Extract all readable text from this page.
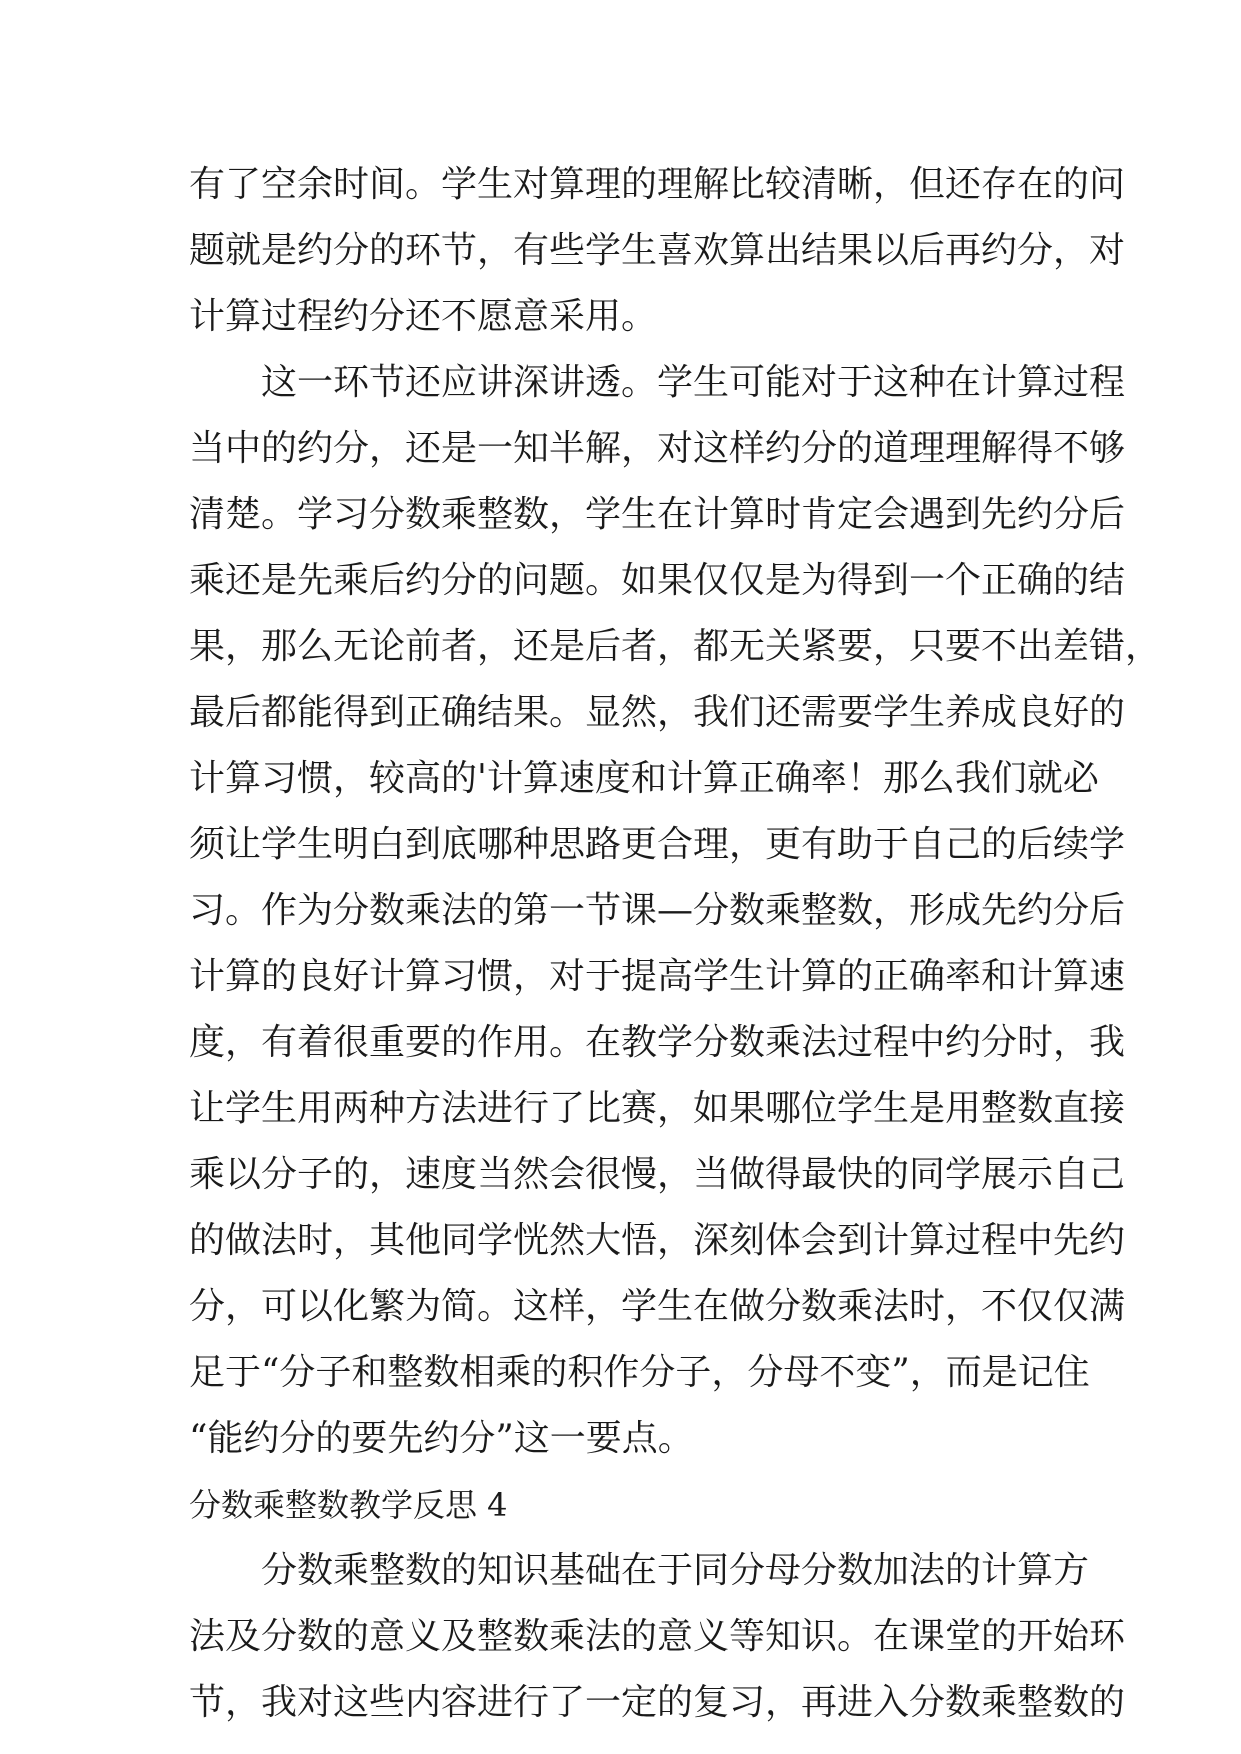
有了空余时间。学生对算理的理解比较清晰，但还存在的问
题就是约分的环节，有些学生喜欢算出结果以后再约分，对
计算过程约分还不愿意采用。
这一环节还应讲深讲透。学生可能对于这种在计算过程
当中的约分，还是一知半解，对这样约分的道理理解得不够
清楚。学习分数乘整数，学生在计算时肯定会遇到先约分后
乘还是先乘后约分的问题。如果仅仅是为得到一个正确的结
果，那么无论前者，还是后者，都无关紧要，只要不出差错，
最后都能得到正确结果。显然，我们还需要学生养成良好的
计算习惯，较高的'计算速度和计算正确率！那么我们就必
须让学生明白到底哪种思路更合理，更有助于自己的后续学
习。作为分数乘法的第一节课—分数乘整数，形成先约分后
计算的良好计算习惯，对于提高学生计算的正确率和计算速
度，有着很重要的作用。在教学分数乘法过程中约分时，我
让学生用两种方法进行了比赛，如果哪位学生是用整数直接
乘以分子的，速度当然会很慢，当做得最快的同学展示自己
的做法时，其他同学恍然大悟，深刻体会到计算过程中先约
分，可以化繁为简。这样，学生在做分数乘法时，不仅仅满
足于“分子和整数相乘的积作分子，分母不变”，而是记住
“能约分的要先约分”这一要点。
分数乘整数教学反思 4
分数乘整数的知识基础在于同分母分数加法的计算方
法及分数的意义及整数乘法的意义等知识。在课堂的开始环
节，我对这些内容进行了一定的复习，再进入分数乘整数的
